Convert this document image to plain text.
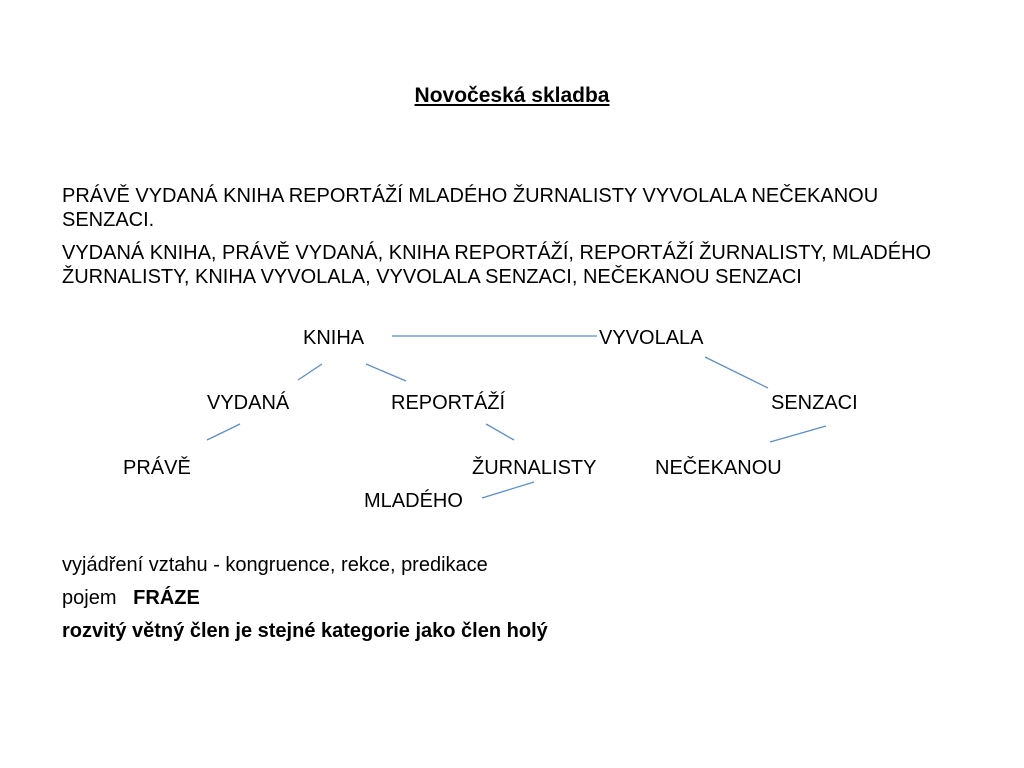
Novočeská skladba
PRÁVĚ VYDANÁ KNIHA REPORTÁŽÍ MLADÉHO ŽURNALISTY VYVOLALA NEČEKANOU SENZACI.
VYDANÁ KNIHA, PRÁVĚ VYDANÁ, KNIHA REPORTÁŽÍ, REPORTÁŽÍ ŽURNALISTY, MLADÉHO ŽURNALISTY, KNIHA VYVOLALA, VYVOLALA SENZACI, NEČEKANOU SENZACI
KNIHA	VYVOLALA
VYDANÁ	REPORTÁŽÍ	SENZACI
PRÁVĚ	ŽURNALISTY	NEČEKANOU
MLADÉHO
vyjádření vztahu - kongruence, rekce, predikace
pojem FRÁZE
rozvitý větný člen je stejné kategorie jako člen holý
